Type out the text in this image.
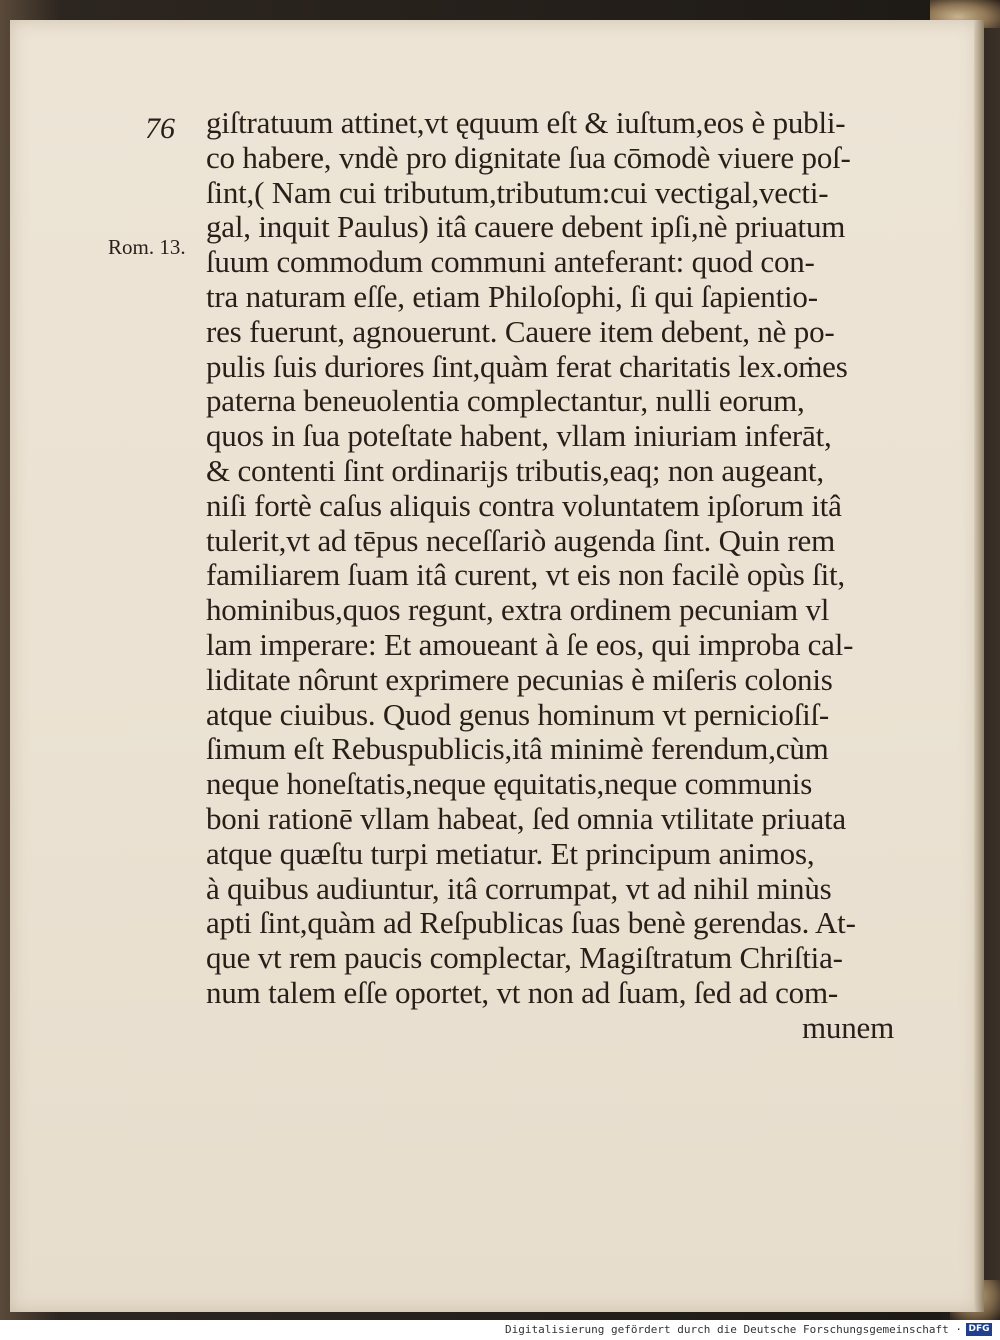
76
Rom. 13.
giſtratuum attinet,vt ęquum eſt & iuſtum,eos è publi-
co habere, vndè pro dignitate ſua cōmodè viuere poſ-
ſint,( Nam cui tributum,tributum:cui vectigal,vecti-
gal, inquit Paulus) itâ cauere debent ipſi,nè priuatum
ſuum commodum communi anteferant: quod con-
tra naturam eſſe, etiam Philoſophi, ſi qui ſapientio-
res fuerunt, agnouerunt. Cauere item debent, nè po-
pulis ſuis duriores ſint,quàm ferat charitatis lex.oṁes
paterna beneuolentia complectantur, nulli eorum,
quos in ſua poteſtate habent, vllam iniuriam inferāt,
& contenti ſint ordinarijs tributis,eaq; non augeant,
niſi fortè caſus aliquis contra voluntatem ipſorum itâ
tulerit,vt ad tēpus neceſſariò augenda ſint. Quin rem
familiarem ſuam itâ curent, vt eis non facilè opùs ſit,
hominibus,quos regunt, extra ordinem pecuniam vl
lam imperare: Et amoueant à ſe eos, qui improba cal-
liditate nôrunt exprimere pecunias è miſeris colonis
atque ciuibus. Quod genus hominum vt pernicioſiſ-
ſimum eſt Rebuspublicis,itâ minimè ferendum,cùm
neque honeſtatis,neque ęquitatis,neque communis
boni rationē vllam habeat, ſed omnia vtilitate priuata
atque quæſtu turpi metiatur. Et principum animos,
à quibus audiuntur, itâ corrumpat, vt ad nihil minùs
apti ſint,quàm ad Reſpublicas ſuas benè gerendas. At-
que vt rem paucis complectar, Magiſtratum Chriſtia-
num talem eſſe oportet, vt non ad ſuam, ſed ad com-
munem
Digitalisierung gefördert durch die Deutsche Forschungsgemeinschaft · DFG
